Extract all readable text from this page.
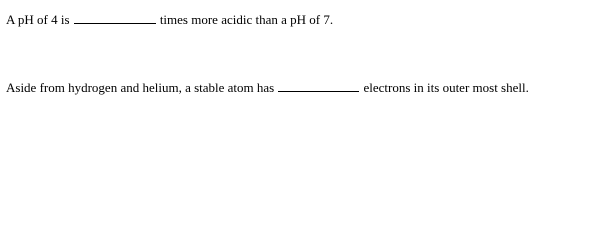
A pH of 4 is	times more acidic than a pH of 7.
Aside from hydrogen and helium, a stable atom has	electrons in its outer most shell.
